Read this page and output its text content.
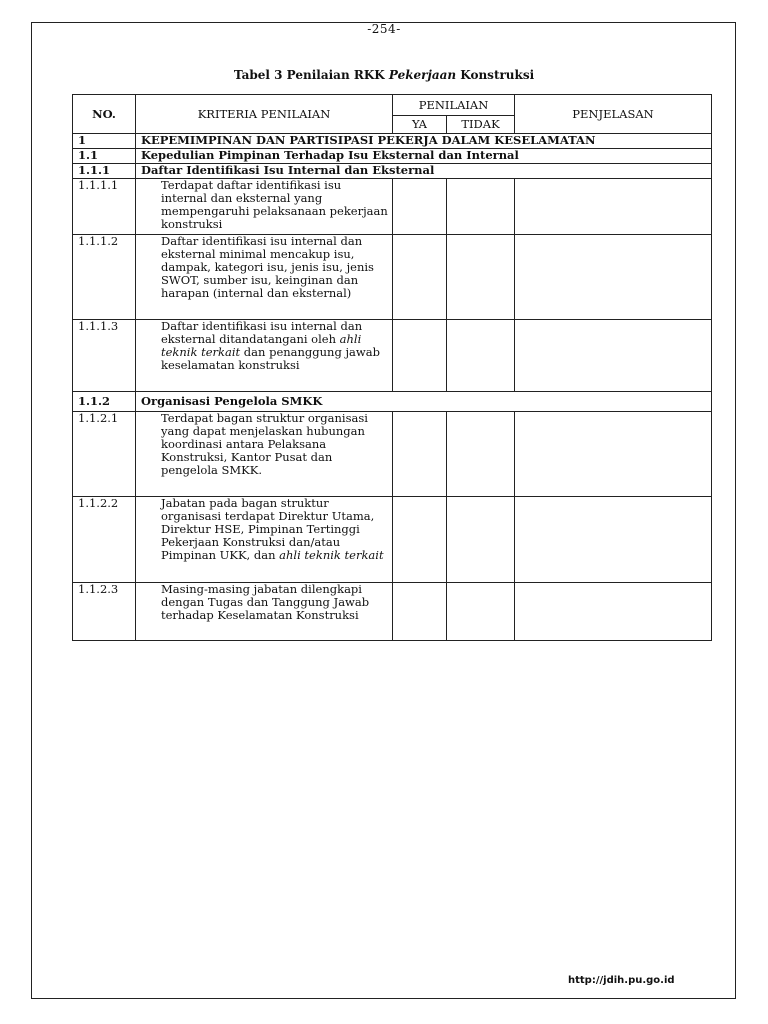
-254-
Tabel 3 Penilaian RKK Pekerjaan Konstruksi
NO.	KRITERIA PENILAIAN	PENILAIAN		PENJELASAN
		YA	TIDAK	
1	KEPEMIMPINAN DAN PARTISIPASI PEKERJA DALAM KESELAMATAN			
1.1	Kepedulian Pimpinan Terhadap Isu Eksternal dan Internal			
1.1.1	Daftar Identifikasi Isu Internal dan Eksternal			
1.1.1.1	Terdapat daftar identifikasi isu internal dan eksternal yang mempengaruhi pelaksanaan pekerjaan konstruksi			
1.1.1.2	Daftar identifikasi isu internal dan eksternal minimal mencakup isu, dampak, kategori isu, jenis isu, jenis SWOT, sumber isu, keinginan dan harapan (internal dan eksternal)			
1.1.1.3	Daftar identifikasi isu internal dan eksternal ditandatangani oleh ahli teknik terkait dan penanggung jawab keselamatan konstruksi			
1.1.2	Organisasi Pengelola SMKK			
1.1.2.1	Terdapat bagan struktur organisasi yang dapat menjelaskan hubungan koordinasi antara Pelaksana Konstruksi, Kantor Pusat dan pengelola SMKK.			
1.1.2.2	Jabatan pada bagan struktur organisasi terdapat Direktur Utama, Direktur HSE, Pimpinan Tertinggi Pekerjaan Konstruksi dan/atau Pimpinan UKK, dan ahli teknik terkait			
1.1.2.3	Masing-masing jabatan dilengkapi dengan Tugas dan Tanggung Jawab terhadap Keselamatan Konstruksi			
http://jdih.pu.go.id
